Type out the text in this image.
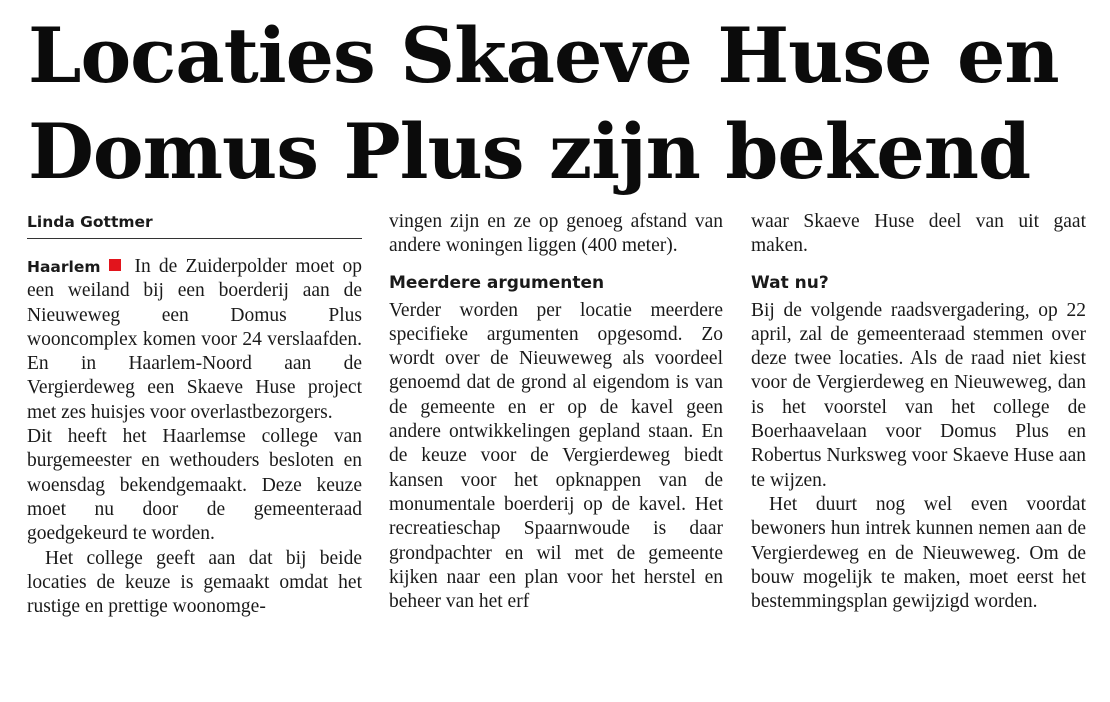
Locaties Skaeve Huse en
Domus Plus zijn bekend
Linda Gottmer

Haarlem In de Zuiderpolder moet op een weiland bij een boerderij aan de Nieuweweg een Domus Plus wooncomplex komen voor 24 verslaafden. En in Haarlem-Noord aan de Vergierdeweg een Skaeve Huse project met zes huisjes voor overlastbezorgers.

Dit heeft het Haarlemse college van burgemeester en wethouders besloten en woensdag bekendgemaakt. Deze keuze moet nu door de gemeenteraad goedgekeurd te worden.

Het college geeft aan dat bij beide locaties de keuze is gemaakt omdat het rustige en prettige woonomge-

vingen zijn en ze op genoeg afstand van andere woningen liggen (400 meter).

Meerdere argumenten

Verder worden per locatie meerdere specifieke argumenten opgesomd. Zo wordt over de Nieuweweg als voordeel genoemd dat de grond al eigendom is van de gemeente en er op de kavel geen andere ontwikkelingen gepland staan. En de keuze voor de Vergierdeweg biedt kansen voor het opknappen van de monumentale boerderij op de kavel. Het recreatieschap Spaarnwoude is daar grondpachter en wil met de gemeente kijken naar een plan voor het herstel en beheer van het erf

waar Skaeve Huse deel van uit gaat maken.

Wat nu?

Bij de volgende raadsvergadering, op 22 april, zal de gemeenteraad stemmen over deze twee locaties. Als de raad niet kiest voor de Vergierdeweg en Nieuweweg, dan is het voorstel van het college de Boerhaavelaan voor Domus Plus en Robertus Nurksweg voor Skaeve Huse aan te wijzen.

Het duurt nog wel even voordat bewoners hun intrek kunnen nemen aan de Vergierdeweg en de Nieuweweg. Om de bouw mogelijk te maken, moet eerst het bestemmingsplan gewijzigd worden.
